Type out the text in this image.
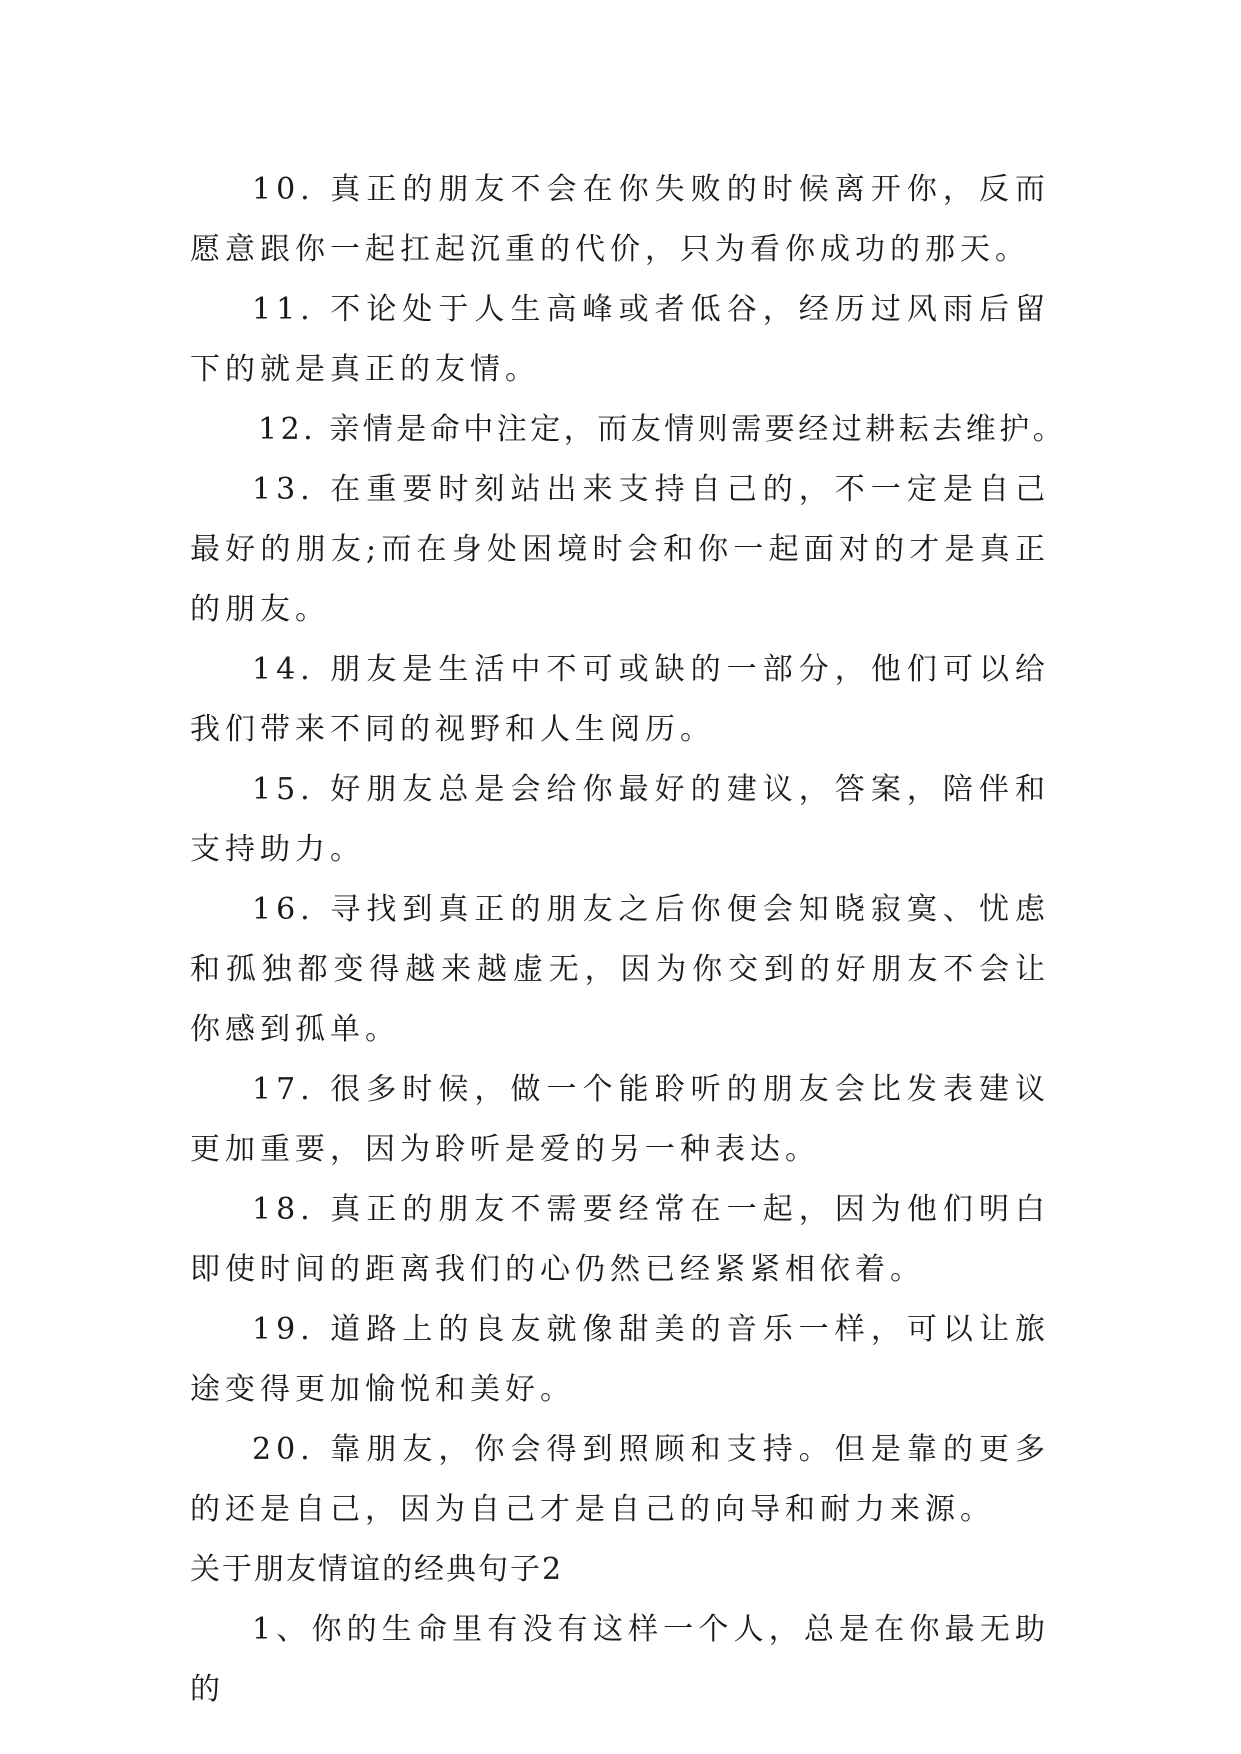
10. 真正的朋友不会在你失败的时候离开你，反而愿意跟你一起扛起沉重的代价，只为看你成功的那天。

11. 不论处于人生高峰或者低谷，经历过风雨后留下的就是真正的友情。

12. 亲情是命中注定，而友情则需要经过耕耘去维护。

13. 在重要时刻站出来支持自己的，不一定是自己最好的朋友;而在身处困境时会和你一起面对的才是真正的朋友。

14. 朋友是生活中不可或缺的一部分，他们可以给我们带来不同的视野和人生阅历。

15. 好朋友总是会给你最好的建议，答案，陪伴和支持助力。

16. 寻找到真正的朋友之后你便会知晓寂寞、忧虑和孤独都变得越来越虚无，因为你交到的好朋友不会让你感到孤单。

17. 很多时候，做一个能聆听的朋友会比发表建议更加重要，因为聆听是爱的另一种表达。

18. 真正的朋友不需要经常在一起，因为他们明白即使时间的距离我们的心仍然已经紧紧相依着。

19. 道路上的良友就像甜美的音乐一样，可以让旅途变得更加愉悦和美好。

20. 靠朋友，你会得到照顾和支持。但是靠的更多的还是自己，因为自己才是自己的向导和耐力来源。

关于朋友情谊的经典句子2

1、你的生命里有没有这样一个人，总是在你最无助的
